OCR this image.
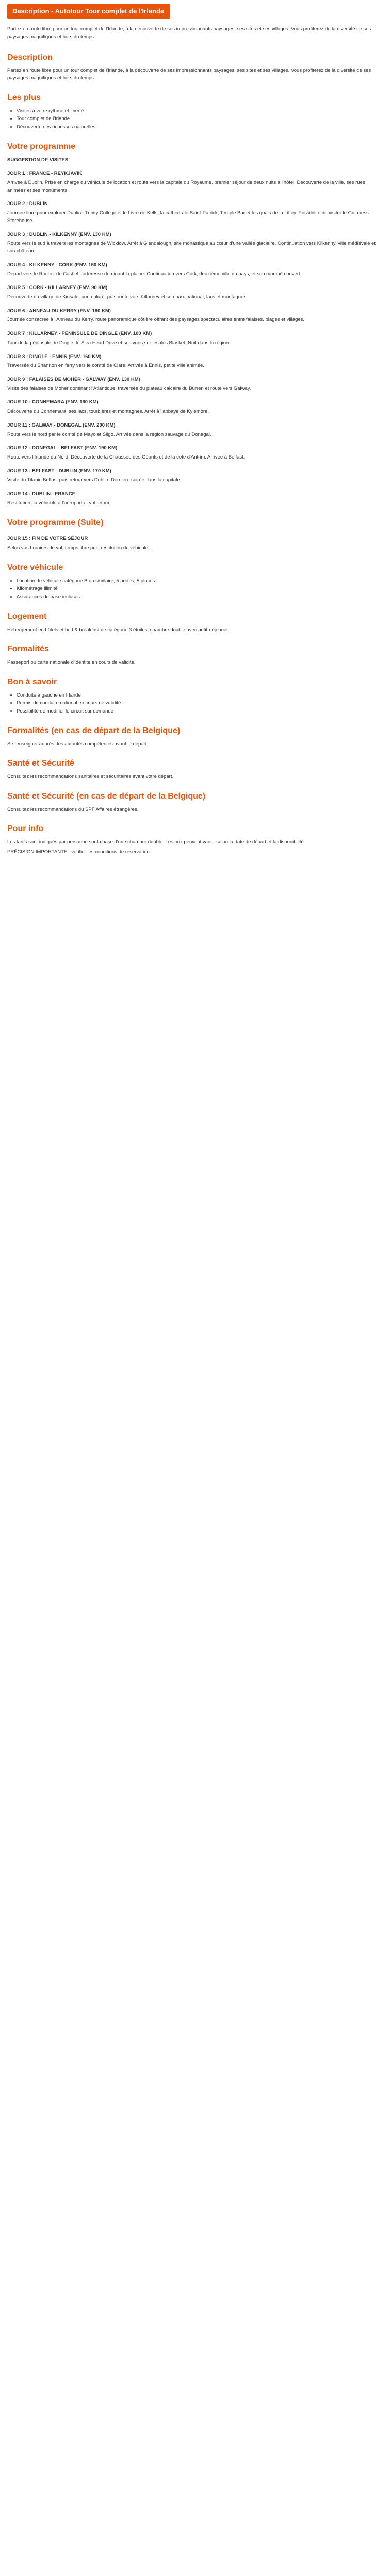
Description - Autotour Tour complet de l'Irlande

Partez en route libre pour un tour complet de l'Irlande, à la découverte de ses impressionnants paysages, ses sites et ses villages. Vous profiterez de la diversité de ses paysages magnifiques et hors du temps.

Description

Partez en route libre pour un tour complet de l'Irlande, à la découverte de ses impressionnants paysages, ses sites et ses villages. Vous profiterez de la diversité de ses paysages magnifiques et hors du temps.

Les plus
• Visites à votre rythme et liberté
• Tour complet de l'Irlande
• Découverte des richesses naturelles
Votre programme

SUGGESTION DE VISITES

JOUR 1 : FRANCE - REYKJAVIK

Arrivée à Dublin. Prise en charge du véhicule de location et route vers la capitale du Royaume, premier séjour de deux nuits à l'hôtel. Découverte de la ville, ses rues animées et ses monuments.

JOUR 2 : DUBLIN

Journée libre pour explorer Dublin : Trinity College et le Livre de Kells, la cathédrale Saint-Patrick, Temple Bar et les quais de la Liffey. Possibilité de visiter le Guinness Storehouse.

JOUR 3 : DUBLIN - KILKENNY (ENV. 130 KM)

Route vers le sud à travers les montagnes de Wicklow. Arrêt à Glendalough, site monastique au cœur d'une vallée glaciaire. Continuation vers Kilkenny, ville médiévale et son château.

JOUR 4 : KILKENNY - CORK (ENV. 150 KM)

Départ vers le Rocher de Cashel, forteresse dominant la plaine. Continuation vers Cork, deuxième ville du pays, et son marché couvert.

JOUR 5 : CORK - KILLARNEY (ENV. 90 KM)

Découverte du village de Kinsale, port coloré, puis route vers Killarney et son parc national, lacs et montagnes.

JOUR 6 : ANNEAU DU KERRY (ENV. 180 KM)

Journée consacrée à l'Anneau du Kerry, route panoramique côtière offrant des paysages spectaculaires entre falaises, plages et villages.

JOUR 7 : KILLARNEY - PÉNINSULE DE DINGLE (ENV. 100 KM)

Tour de la péninsule de Dingle, le Slea Head Drive et ses vues sur les îles Blasket. Nuit dans la région.

JOUR 8 : DINGLE - ENNIS (ENV. 160 KM)

Traversée du Shannon en ferry vers le comté de Clare. Arrivée à Ennis, petite ville animée.

JOUR 9 : FALAISES DE MOHER - GALWAY (ENV. 130 KM)

Visite des falaises de Moher dominant l'Atlantique, traversée du plateau calcaire du Burren et route vers Galway.

JOUR 10 : CONNEMARA (ENV. 160 KM)

Découverte du Connemara, ses lacs, tourbières et montagnes. Arrêt à l'abbaye de Kylemore.

JOUR 11 : GALWAY - DONEGAL (ENV. 200 KM)

Route vers le nord par le comté de Mayo et Sligo. Arrivée dans la région sauvage du Donegal.

JOUR 12 : DONEGAL - BELFAST (ENV. 190 KM)

Route vers l'Irlande du Nord. Découverte de la Chaussée des Géants et de la côte d'Antrim. Arrivée à Belfast.

JOUR 13 : BELFAST - DUBLIN (ENV. 170 KM)

Visite du Titanic Belfast puis retour vers Dublin. Dernière soirée dans la capitale.

JOUR 14 : DUBLIN - FRANCE

Restitution du véhicule à l'aéroport et vol retour.

Votre programme (Suite)
JOUR 15 : FIN DE VOTRE SÉJOUR

Selon vos horaires de vol, temps libre puis restitution du véhicule.

Votre véhicule
• Location de véhicule catégorie B ou similaire, 5 portes, 5 places
• Kilométrage illimité
• Assurances de base incluses
Logement

Hébergement en hôtels et bed & breakfast de catégorie 3 étoiles, chambre double avec petit-déjeuner.

Formalités

Passeport ou carte nationale d'identité en cours de validité.

Bon à savoir
• Conduite à gauche en Irlande
• Permis de conduire national en cours de validité
• Possibilité de modifier le circuit sur demande
Formalités (en cas de départ de la Belgique)

Se renseigner auprès des autorités compétentes avant le départ.

Santé et Sécurité

Consultez les recommandations sanitaires et sécuritaires avant votre départ.

Santé et Sécurité (en cas de départ de la Belgique)

Consultez les recommandations du SPF Affaires étrangères.

Pour info

Les tarifs sont indiqués par personne sur la base d'une chambre double. Les prix peuvent varier selon la date de départ et la disponibilité.

PRÉCISION IMPORTANTE : vérifier les conditions de réservation.
